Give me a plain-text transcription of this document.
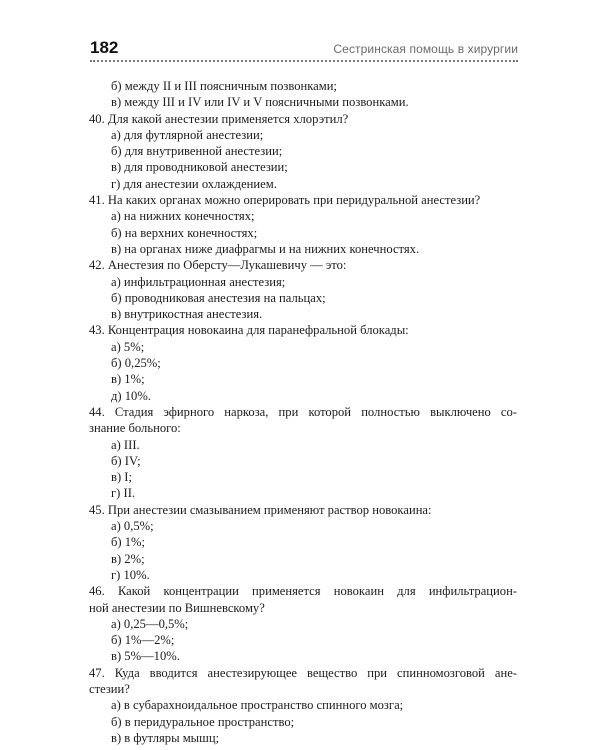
182	Сестринская помощь в хирургии
б) между II и III поясничным позвонками;
в) между III и IV или IV и V поясничными позвонками.
40. Для какой анестезии применяется хлорэтил?
а) для футлярной анестезии;
б) для внутривенной анестезии;
в) для проводниковой анестезии;
г) для анестезии охлаждением.
41. На каких органах можно оперировать при перидуральной анестезии?
а) на нижних конечностях;
б) на верхних конечностях;
в) на органах ниже диафрагмы и на нижних конечностях.
42. Анестезия по Оберсту—Лукашевичу — это:
а) инфильтрационная анестезия;
б) проводниковая анестезия на пальцах;
в) внутрикостная анестезия.
43. Концентрация новокаина для паранефральной блокады:
а) 5%;
б) 0,25%;
в) 1%;
д) 10%.
44. Стадия эфирного наркоза, при которой полностью выключено со-
знание больного:
а) III.
б) IV;
в) I;
г) II.
45. При анестезии смазыванием применяют раствор новокаина:
а) 0,5%;
б) 1%;
в) 2%;
г) 10%.
46. Какой концентрации применяется новокаин для инфильтрацион-
ной анестезии по Вишневскому?
а) 0,25—0,5%;
б) 1%—2%;
в) 5%—10%.
47. Куда вводится анестезирующее вещество при спинномозговой ане-
стезии?
а) в субарахноидальное пространство спинного мозга;
б) в перидуральное пространство;
в) в футляры мышц;
